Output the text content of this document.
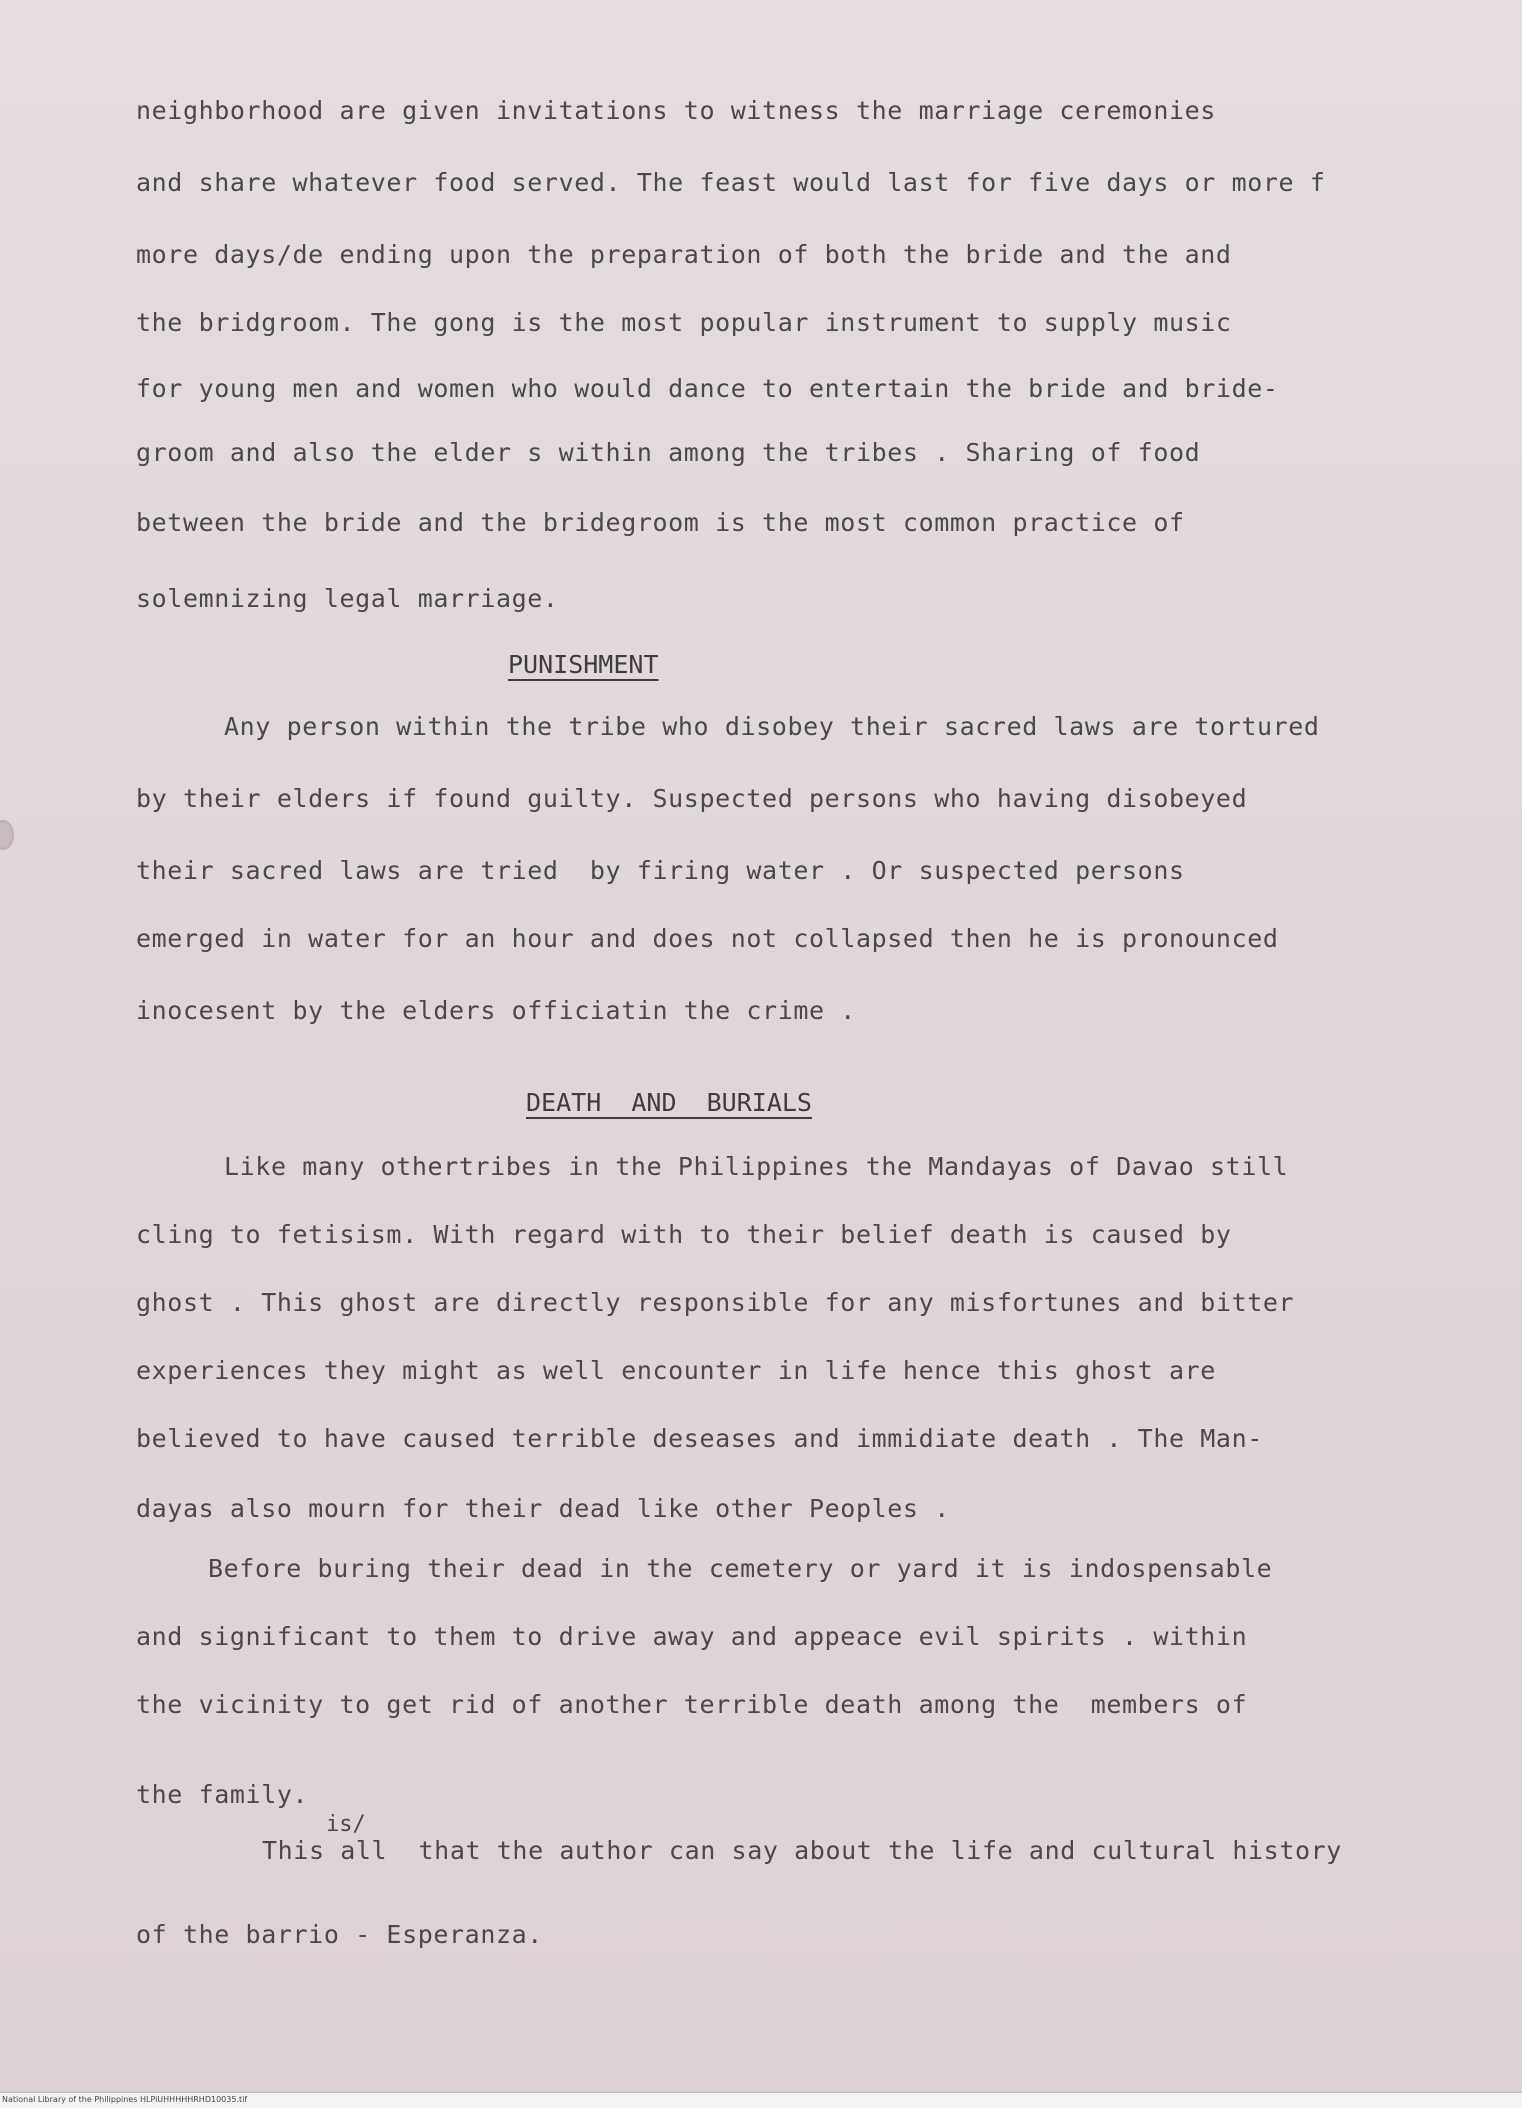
neighborhood are given invitations to witness the marriage ceremonies

and share whatever food served. The feast would last for five days or more f

more days/de ending upon the preparation of both the bride and the and

the bridgroom. The gong is the most popular instrument to supply music

for young men and women who would dance to entertain the bride and bride-

groom and also the elder s within among the tribes . Sharing of food

between the bride and the bridegroom is the most common practice of

solemnizing legal marriage.

PUNISHMENT

Any person within the tribe who disobey their sacred laws are tortured

by their elders if found guilty. Suspected persons who having disobeyed

their sacred laws are tried  by firing water . Or suspected persons

emerged in water for an hour and does not collapsed then he is pronounced

inocesent by the elders officiatin the crime .

DEATH  AND  BURIALS

Like many othertribes in the Philippines the Mandayas of Davao still

cling to fetisism. With regard with to their belief death is caused by

ghost . This ghost are directly responsible for any misfortunes and bitter

experiences they might as well encounter in life hence this ghost are

believed to have caused terrible deseases and immidiate death . The Man-

dayas also mourn for their dead like other Peoples .

Before buring their dead in the cemetery or yard it is indospensable

and significant to them to drive away and appeace evil spirits . within

the vicinity to get rid of another terrible death among the  members of

the family.

is/

This all  that the author can say about the life and cultural history

of the barrio - Esperanza.

National Library of the Philippines HLPiUHHHHHRHD10035.tif
